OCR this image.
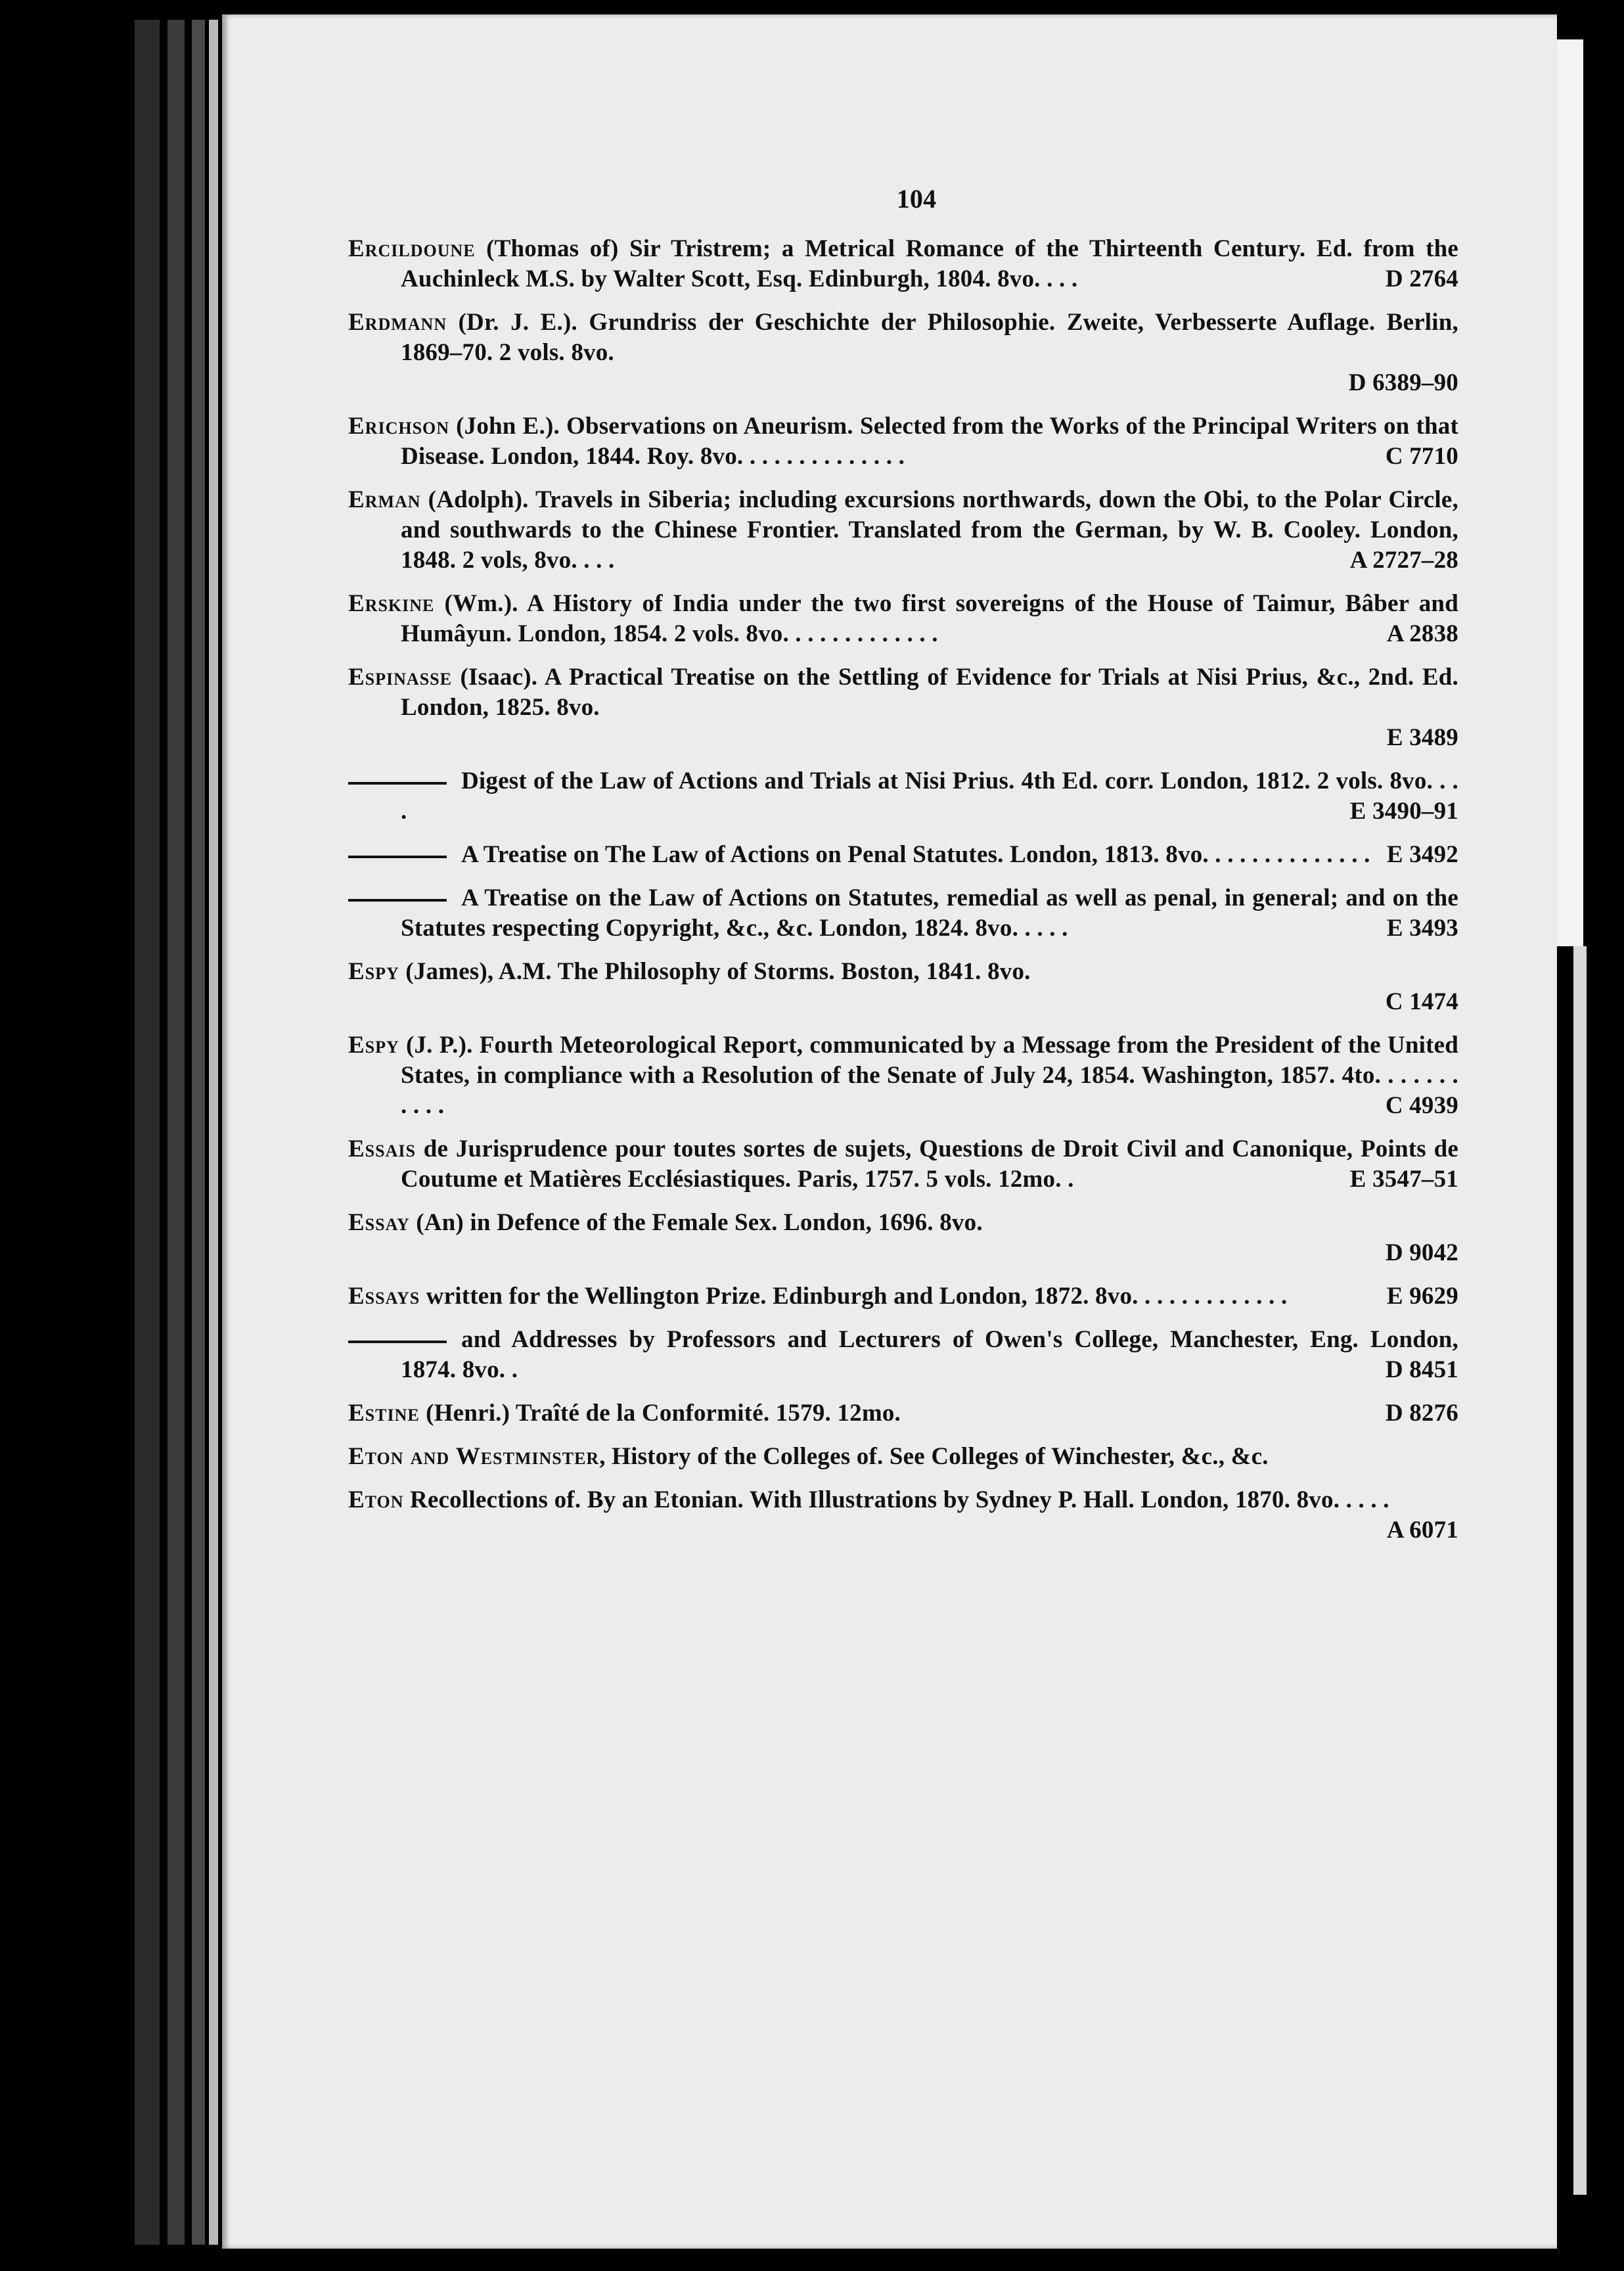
104
Ercildoune (Thomas of) Sir Tristrem; a Metrical Romance of the Thirteenth Century. Ed. from the Auchinleck M.S. by Walter Scott, Esq. Edinburgh, 1804. 8vo. . . .	D 2764
Erdmann (Dr. J. E.). Grundriss der Geschichte der Philosophie. Zweite, Verbesserte Auflage. Berlin, 1869–70. 2 vols. 8vo.
D 6389–90
Erichson (John E.). Observations on Aneurism. Selected from the Works of the Principal Writers on that Disease. London, 1844. Roy. 8vo. . . . . . . . . . . . . .	C 7710
Erman (Adolph). Travels in Siberia; including excursions northwards, down the Obi, to the Polar Circle, and southwards to the Chinese Frontier. Translated from the German, by W. B. Cooley. London, 1848. 2 vols, 8vo. . . .	A 2727–28
Erskine (Wm.). A History of India under the two first sovereigns of the House of Taimur, Bâber and Humâyun. London, 1854. 2 vols. 8vo. . . . . . . . . . . . .	A 2838
Espinasse (Isaac). A Practical Treatise on the Settling of Evidence for Trials at Nisi Prius, &c., 2nd. Ed. London, 1825. 8vo.
E 3489
Digest of the Law of Actions and Trials at Nisi Prius. 4th Ed. corr. London, 1812. 2 vols. 8vo. . . .	E 3490–91
A Treatise on The Law of Actions on Penal Statutes. London, 1813. 8vo. . . . . . . . . . . . . . E 3492
A Treatise on the Law of Actions on Statutes, remedial as well as penal, in general; and on the Statutes respecting Copyright, &c., &c. London, 1824. 8vo. . . . .	E 3493
Espy (James), A.M. The Philosophy of Storms. Boston, 1841. 8vo.
C 1474
Espy (J. P.). Fourth Meteorological Report, communicated by a Message from the President of the United States, in compliance with a Resolution of the Senate of July 24, 1854. Washington, 1857. 4to. . . . . . . . . . .	C 4939
Essais de Jurisprudence pour toutes sortes de sujets, Questions de Droit Civil and Canonique, Points de Coutume et Matières Ecclésiastiques. Paris, 1757. 5 vols. 12mo. .	E 3547–51
Essay (An) in Defence of the Female Sex. London, 1696. 8vo.
D 9042
Essays written for the Wellington Prize. Edinburgh and London, 1872. 8vo. . . . . . . . . . . . .	E 9629
and Addresses by Professors and Lecturers of Owen's College, Manchester, Eng. London, 1874. 8vo. .	D 8451
Estine (Henri.) Traîté de la Conformité. 1579. 12mo.	D 8276
Eton and Westminster, History of the Colleges of. See Colleges of Winchester, &c., &c.
Eton Recollections of. By an Etonian. With Illustrations by Sydney P. Hall. London, 1870. 8vo. . . . .
A 6071
